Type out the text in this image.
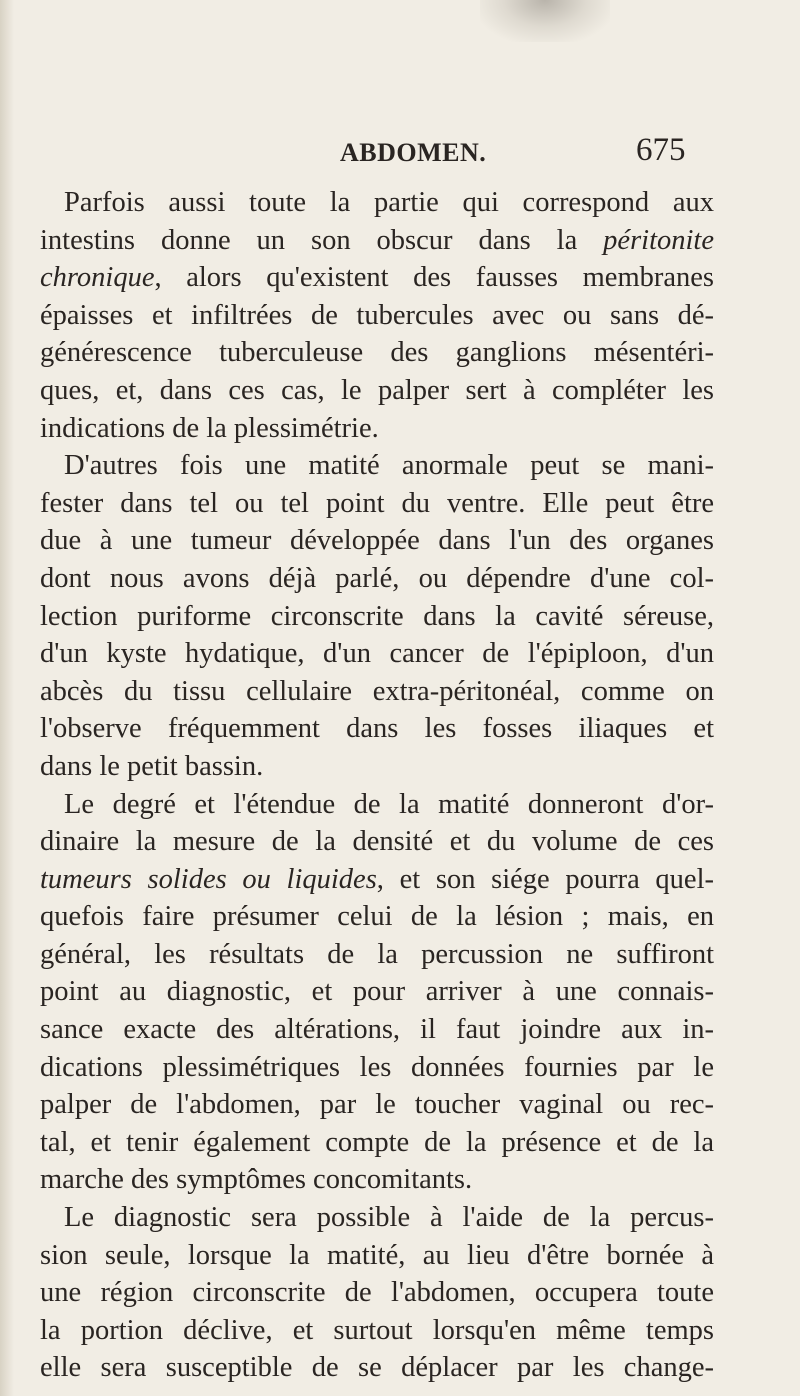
ABDOMEN.	675
Parfois aussi toute la partie qui correspond aux
intestins donne un son obscur dans la péritonite
chronique, alors qu'existent des fausses membranes
épaisses et infiltrées de tubercules avec ou sans dé-
générescence tuberculeuse des ganglions mésentéri-
ques, et, dans ces cas, le palper sert à compléter les
indications de la plessimétrie.
D'autres fois une matité anormale peut se mani-
fester dans tel ou tel point du ventre. Elle peut être
due à une tumeur développée dans l'un des organes
dont nous avons déjà parlé, ou dépendre d'une col-
lection puriforme circonscrite dans la cavité séreuse,
d'un kyste hydatique, d'un cancer de l'épiploon, d'un
abcès du tissu cellulaire extra-péritonéal, comme on
l'observe fréquemment dans les fosses iliaques et
dans le petit bassin.
Le degré et l'étendue de la matité donneront d'or-
dinaire la mesure de la densité et du volume de ces
tumeurs solides ou liquides, et son siége pourra quel-
quefois faire présumer celui de la lésion ; mais, en
général, les résultats de la percussion ne suffiront
point au diagnostic, et pour arriver à une connais-
sance exacte des altérations, il faut joindre aux in-
dications plessimétriques les données fournies par le
palper de l'abdomen, par le toucher vaginal ou rec-
tal, et tenir également compte de la présence et de la
marche des symptômes concomitants.
Le diagnostic sera possible à l'aide de la percus-
sion seule, lorsque la matité, au lieu d'être bornée à
une région circonscrite de l'abdomen, occupera toute
la portion déclive, et surtout lorsqu'en même temps
elle sera susceptible de se déplacer par les change-
